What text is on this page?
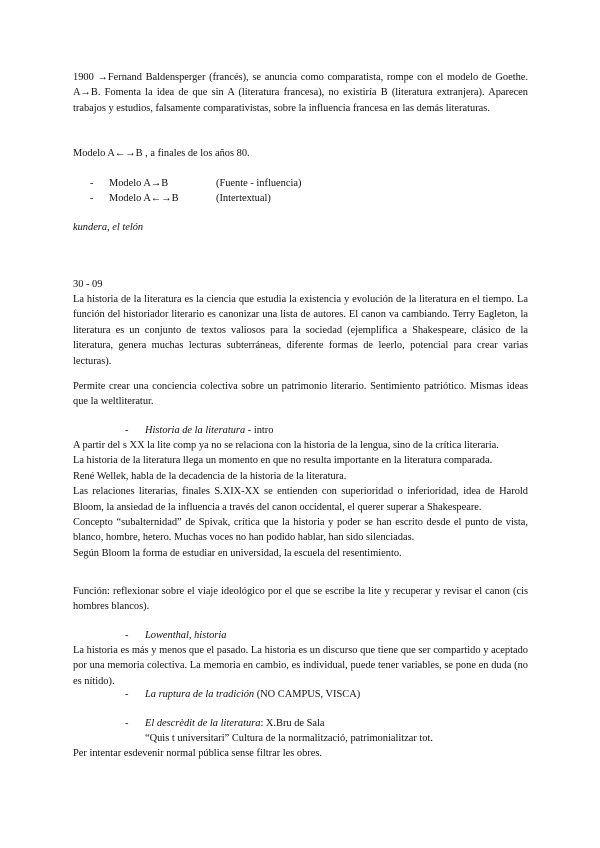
1900 →Fernand Baldensperger (francés), se anuncia como comparatista, rompe con el modelo de Goethe. A→B. Fomenta la idea de que sin A (literatura francesa), no existiría B (literatura extranjera). Aparecen trabajos y estudios, falsamente comparativistas, sobre la influencia francesa en las demás literaturas.

Modelo A←→B , a finales de los años 80.

- Modelo A→B	(Fuente - influencia)
- Modelo A←→B	(Intertextual)

kundera, el telón

30 - 09

La historia de la literatura es la ciencia que estudia la existencia y evolución de la literatura en el tiempo. La función del historiador literario es canonizar una lista de autores. El canon va cambiando. Terry Eagleton, la literatura es un conjunto de textos valiosos para la sociedad (ejemplifica a Shakespeare, clásico de la literatura, genera muchas lecturas subterráneas, diferente formas de leerlo, potencial para crear varias lecturas).

Permite crear una conciencia colectiva sobre un patrimonio literario. Sentimiento patriótico. Mismas ideas que la weltliteratur.

- Historia de la literatura - intro

A partir del s XX la lite comp ya no se relaciona con la historia de la lengua, sino de la crítica literaria.

La historia de la literatura llega un momento en que no resulta importante en la literatura comparada.

René Wellek, habla de la decadencia de la historia de la literatura.

Las relaciones literarias, finales S.XIX-XX se entienden con superioridad o inferioridad, idea de Harold Bloom, la ansiedad de la influencia a través del canon occidental, el querer superar a Shakespeare.

Concepto “subalternidad” de Spivak, crítica que la historia y poder se han escrito desde el punto de vista, blanco, hombre, hetero. Muchas voces no han podido hablar, han sido silenciadas.

Según Bloom la forma de estudiar en universidad, la escuela del resentimiento.

Función: reflexionar sobre el viaje ideológico por el que se escribe la lite y recuperar y revisar el canon (cis hombres blancos).

- Lowenthal, historia

La historia es más y menos que el pasado. La historia es un discurso que tiene que ser compartido y aceptado por una memoria colectiva. La memoria en cambio, es individual, puede tener variables, se pone en duda (no es nítido).

- La ruptura de la tradición (NO CAMPUS, VISCA)
- El descrèdit de la literatura: X.Bru de Sala
“Quis t universitari” Cultura de la normalització, patrimonialitzar tot.

Per intentar esdevenir normal pública sense filtrar les obres.
